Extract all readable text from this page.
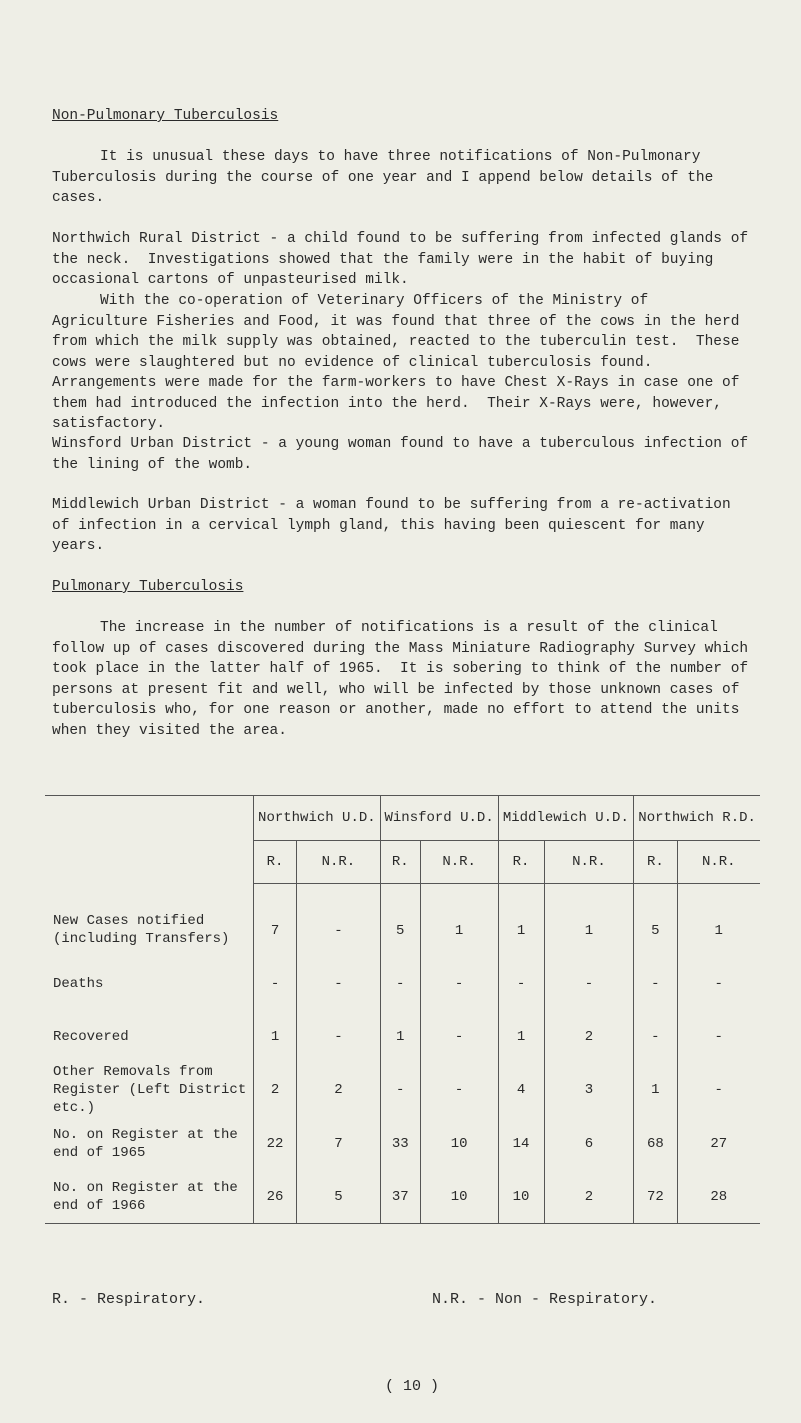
Non-Pulmonary Tuberculosis
It is unusual these days to have three notifications of Non-Pulmonary Tuberculosis during the course of one year and I append below details of the cases.
Northwich Rural District - a child found to be suffering from infected glands of the neck.  Investigations showed that the family were in the habit of buying occasional cartons of unpasteurised milk.
With the co-operation of Veterinary Officers of the Ministry of Agriculture Fisheries and Food, it was found that three of the cows in the herd from which the milk supply was obtained, reacted to the tuberculin test.  These cows were slaughtered but no evidence of clinical tuberculosis found.  Arrangements were made for the farm-workers to have Chest X-Rays in case one of them had introduced the infection into the herd.  Their X-Rays were, however, satisfactory.
Winsford Urban District - a young woman found to have a tuberculous infection of the lining of the womb.
Middlewich Urban District - a woman found to be suffering from a re-activation of infection in a cervical lymph gland, this having been quiescent for many years.
Pulmonary Tuberculosis
The increase in the number of notifications is a result of the clinical follow up of cases discovered during the Mass Miniature Radiography Survey which took place in the latter half of 1965.  It is sobering to think of the number of persons at present fit and well, who will be infected by those unknown cases of tuberculosis who, for one reason or another, made no effort to attend the units when they visited the area.
	Northwich U.D.		Winsford U.D.		Middlewich U.D.		Northwich R.D.	
	R.	N.R.	R.	N.R.	R.	N.R.	R.	N.R.
New Cases notified (including Transfers)	7	-	5	1	1	1	5	1
Deaths	-	-	-	-	-	-	-	-
Recovered	1	-	1	-	1	2	-	-
Other Removals from Register (Left District etc.)	2	2	-	-	4	3	1	-
No. on Register at the end of 1965	22	7	33	10	14	6	68	27
No. on Register at the end of 1966	26	5	37	10	10	2	72	28
R. - Respiratory.	N.R. - Non - Respiratory.
( 10 )
